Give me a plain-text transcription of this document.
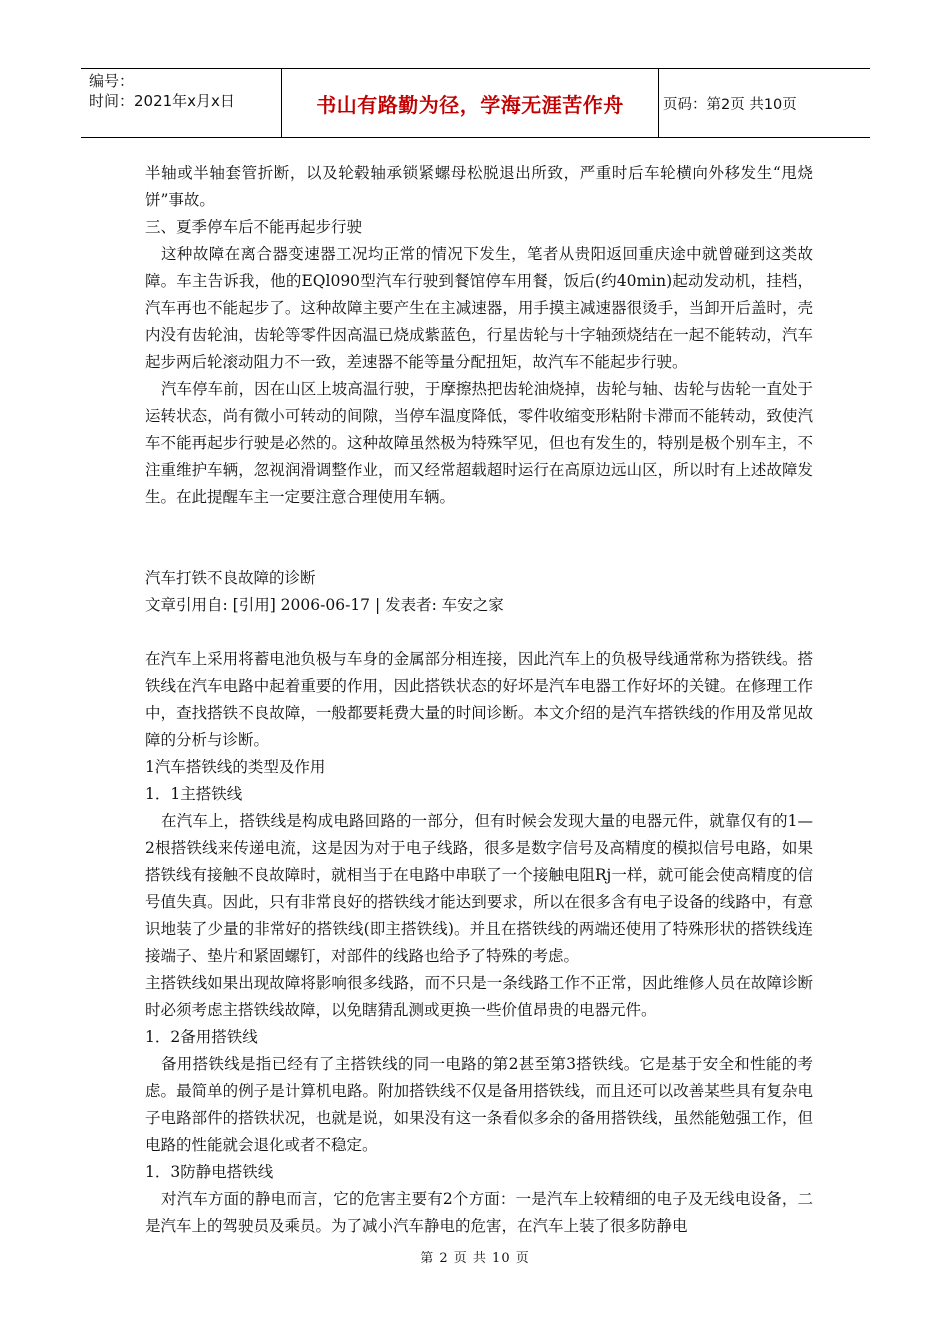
编号：
时间：2021年x月x日	书山有路勤为径，学海无涯苦作舟	页码：第2页 共10页

半轴或半轴套管折断，以及轮毂轴承锁紧螺母松脱退出所致，严重时后车轮横向外移发生“甩烧饼”事故。

三、夏季停车后不能再起步行驶

这种故障在离合器变速器工况均正常的情况下发生，笔者从贵阳返回重庆途中就曾碰到这类故障。车主告诉我，他的EQl090型汽车行驶到餐馆停车用餐，饭后(约40min)起动发动机，挂档，汽车再也不能起步了。这种故障主要产生在主减速器，用手摸主减速器很烫手，当卸开后盖时，壳内没有齿轮油，齿轮等零件因高温已烧成紫蓝色，行星齿轮与十字轴颈烧结在一起不能转动，汽车起步两后轮滚动阻力不一致，差速器不能等量分配扭矩，故汽车不能起步行驶。

汽车停车前，因在山区上坡高温行驶，于摩擦热把齿轮油烧掉，齿轮与轴、齿轮与齿轮一直处于运转状态，尚有微小可转动的间隙，当停车温度降低，零件收缩变形粘附卡滞而不能转动，致使汽车不能再起步行驶是必然的。这种故障虽然极为特殊罕见，但也有发生的，特别是极个别车主，不注重维护车辆，忽视润滑调整作业，而又经常超载超时运行在高原边远山区，所以时有上述故障发生。在此提醒车主一定要注意合理使用车辆。

汽车打铁不良故障的诊断

文章引用自: [引用] 2006-06-17 | 发表者: 车安之家

在汽车上采用将蓄电池负极与车身的金属部分相连接，因此汽车上的负极导线通常称为搭铁线。搭铁线在汽车电路中起着重要的作用，因此搭铁状态的好坏是汽车电器工作好坏的关键。在修理工作中，查找搭铁不良故障，一般都要耗费大量的时间诊断。本文介绍的是汽车搭铁线的作用及常见故障的分析与诊断。

1汽车搭铁线的类型及作用

1．1主搭铁线

在汽车上，搭铁线是构成电路回路的一部分，但有时候会发现大量的电器元件，就靠仅有的1—2根搭铁线来传递电流，这是因为对于电子线路，很多是数字信号及高精度的模拟信号电路，如果搭铁线有接触不良故障时，就相当于在电路中串联了一个接触电阻Rj一样，就可能会使高精度的信号值失真。因此，只有非常良好的搭铁线才能达到要求，所以在很多含有电子设备的线路中，有意识地装了少量的非常好的搭铁线(即主搭铁线)。并且在搭铁线的两端还使用了特殊形状的搭铁线连接端子、垫片和紧固螺钉，对部件的线路也给予了特殊的考虑。

主搭铁线如果出现故障将影响很多线路，而不只是一条线路工作不正常，因此维修人员在故障诊断时必须考虑主搭铁线故障，以免瞎猜乱测或更换一些价值昂贵的电器元件。

1．2备用搭铁线

备用搭铁线是指已经有了主搭铁线的同一电路的第2甚至第3搭铁线。它是基于安全和性能的考虑。最简单的例子是计算机电路。附加搭铁线不仅是备用搭铁线，而且还可以改善某些具有复杂电子电路部件的搭铁状况，也就是说，如果没有这一条看似多余的备用搭铁线，虽然能勉强工作，但电路的性能就会退化或者不稳定。

1．3防静电搭铁线

对汽车方面的静电而言，它的危害主要有2个方面：一是汽车上较精细的电子及无线电设备，二是汽车上的驾驶员及乘员。为了减小汽车静电的危害，在汽车上装了很多防静电

第 2 页 共 10 页
